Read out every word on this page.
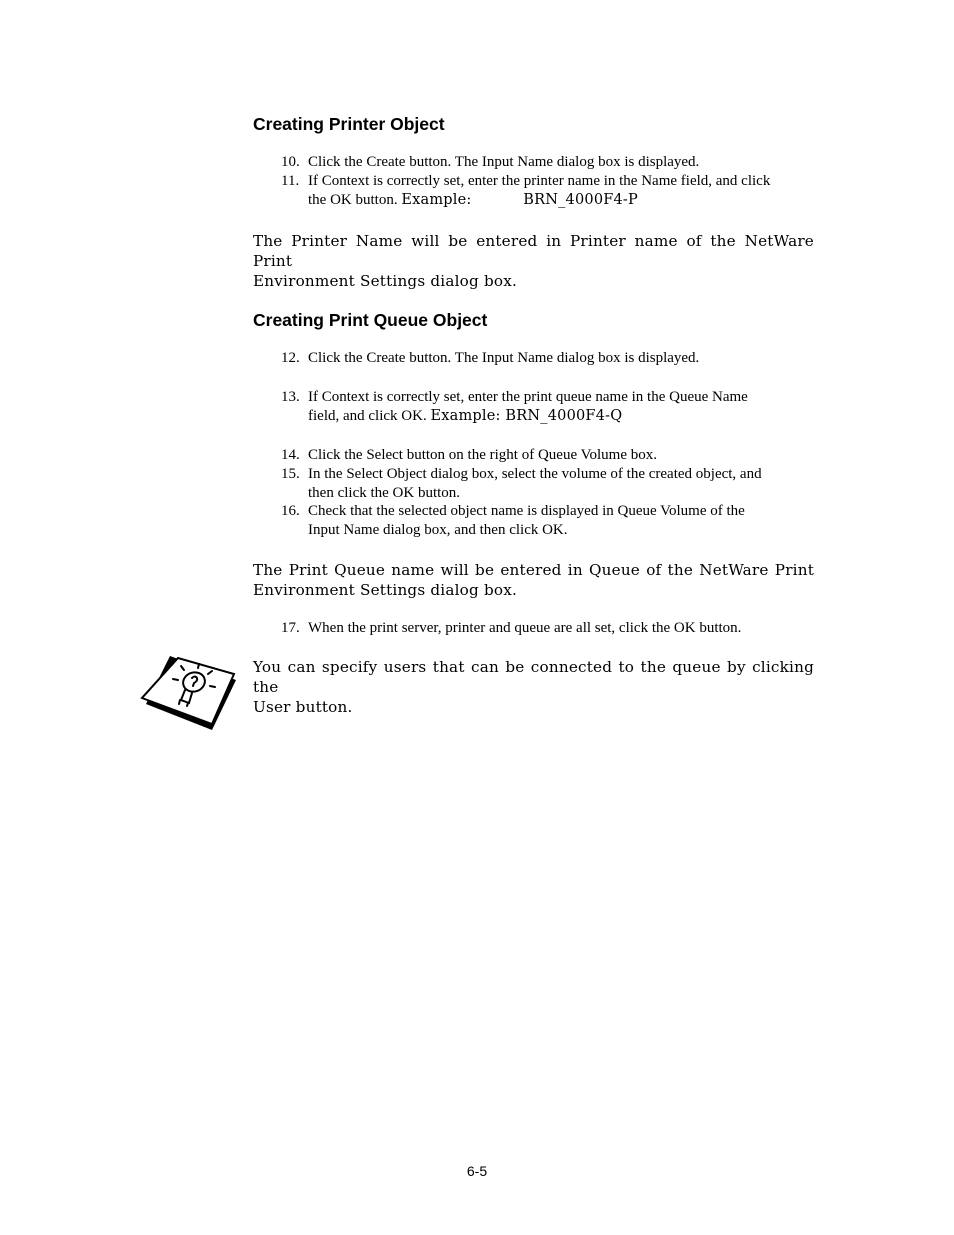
Creating Printer Object
10. Click the Create button. The Input Name dialog box is displayed.
11. If Context is correctly set, enter the printer name in the Name field, and click
the OK button. Example:	BRN_4000F4-P
The Printer Name will be entered in Printer name of the NetWare Print
Environment Settings dialog box.
Creating Print Queue Object
12. Click the Create button. The Input Name dialog box is displayed.
13. If Context is correctly set, enter the print queue name in the Queue Name
field, and click OK. Example: BRN_4000F4-Q
14. Click the Select button on the right of Queue Volume box.
15. In the Select Object dialog box, select the volume of the created object, and
then click the OK button.
16. Check that the selected object name is displayed in Queue Volume of the
Input Name dialog box, and then click OK.
The Print Queue name will be entered in Queue of the NetWare Print
Environment Settings dialog box.
17. When the print server, printer and queue are all set, click the OK button.
You can specify users that can be connected to the queue by clicking the
User button.
6-5
